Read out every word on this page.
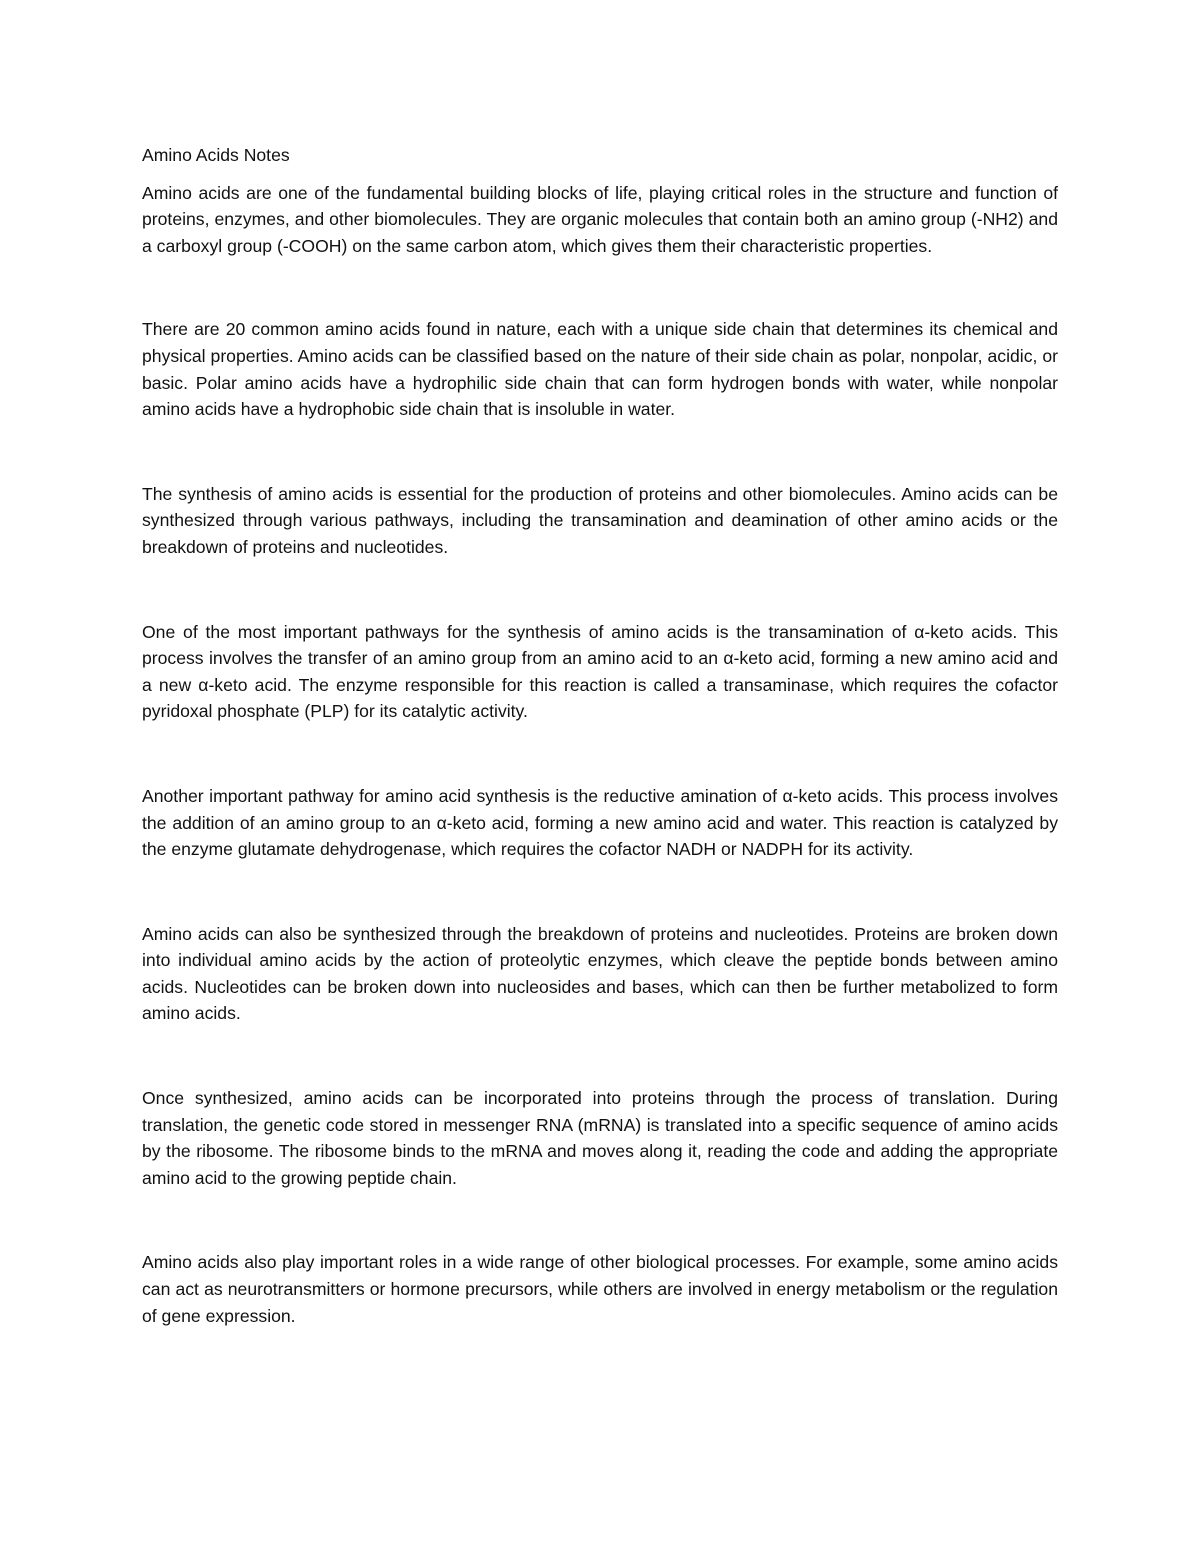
Amino Acids Notes

Amino acids are one of the fundamental building blocks of life, playing critical roles in the structure and function of proteins, enzymes, and other biomolecules. They are organic molecules that contain both an amino group (-NH2) and a carboxyl group (-COOH) on the same carbon atom, which gives them their characteristic properties.

There are 20 common amino acids found in nature, each with a unique side chain that determines its chemical and physical properties. Amino acids can be classified based on the nature of their side chain as polar, nonpolar, acidic, or basic. Polar amino acids have a hydrophilic side chain that can form hydrogen bonds with water, while nonpolar amino acids have a hydrophobic side chain that is insoluble in water.

The synthesis of amino acids is essential for the production of proteins and other biomolecules. Amino acids can be synthesized through various pathways, including the transamination and deamination of other amino acids or the breakdown of proteins and nucleotides.

One of the most important pathways for the synthesis of amino acids is the transamination of α-keto acids. This process involves the transfer of an amino group from an amino acid to an α-keto acid, forming a new amino acid and a new α-keto acid. The enzyme responsible for this reaction is called a transaminase, which requires the cofactor pyridoxal phosphate (PLP) for its catalytic activity.

Another important pathway for amino acid synthesis is the reductive amination of α-keto acids. This process involves the addition of an amino group to an α-keto acid, forming a new amino acid and water. This reaction is catalyzed by the enzyme glutamate dehydrogenase, which requires the cofactor NADH or NADPH for its activity.

Amino acids can also be synthesized through the breakdown of proteins and nucleotides. Proteins are broken down into individual amino acids by the action of proteolytic enzymes, which cleave the peptide bonds between amino acids. Nucleotides can be broken down into nucleosides and bases, which can then be further metabolized to form amino acids.

Once synthesized, amino acids can be incorporated into proteins through the process of translation. During translation, the genetic code stored in messenger RNA (mRNA) is translated into a specific sequence of amino acids by the ribosome. The ribosome binds to the mRNA and moves along it, reading the code and adding the appropriate amino acid to the growing peptide chain.

Amino acids also play important roles in a wide range of other biological processes. For example, some amino acids can act as neurotransmitters or hormone precursors, while others are involved in energy metabolism or the regulation of gene expression.
